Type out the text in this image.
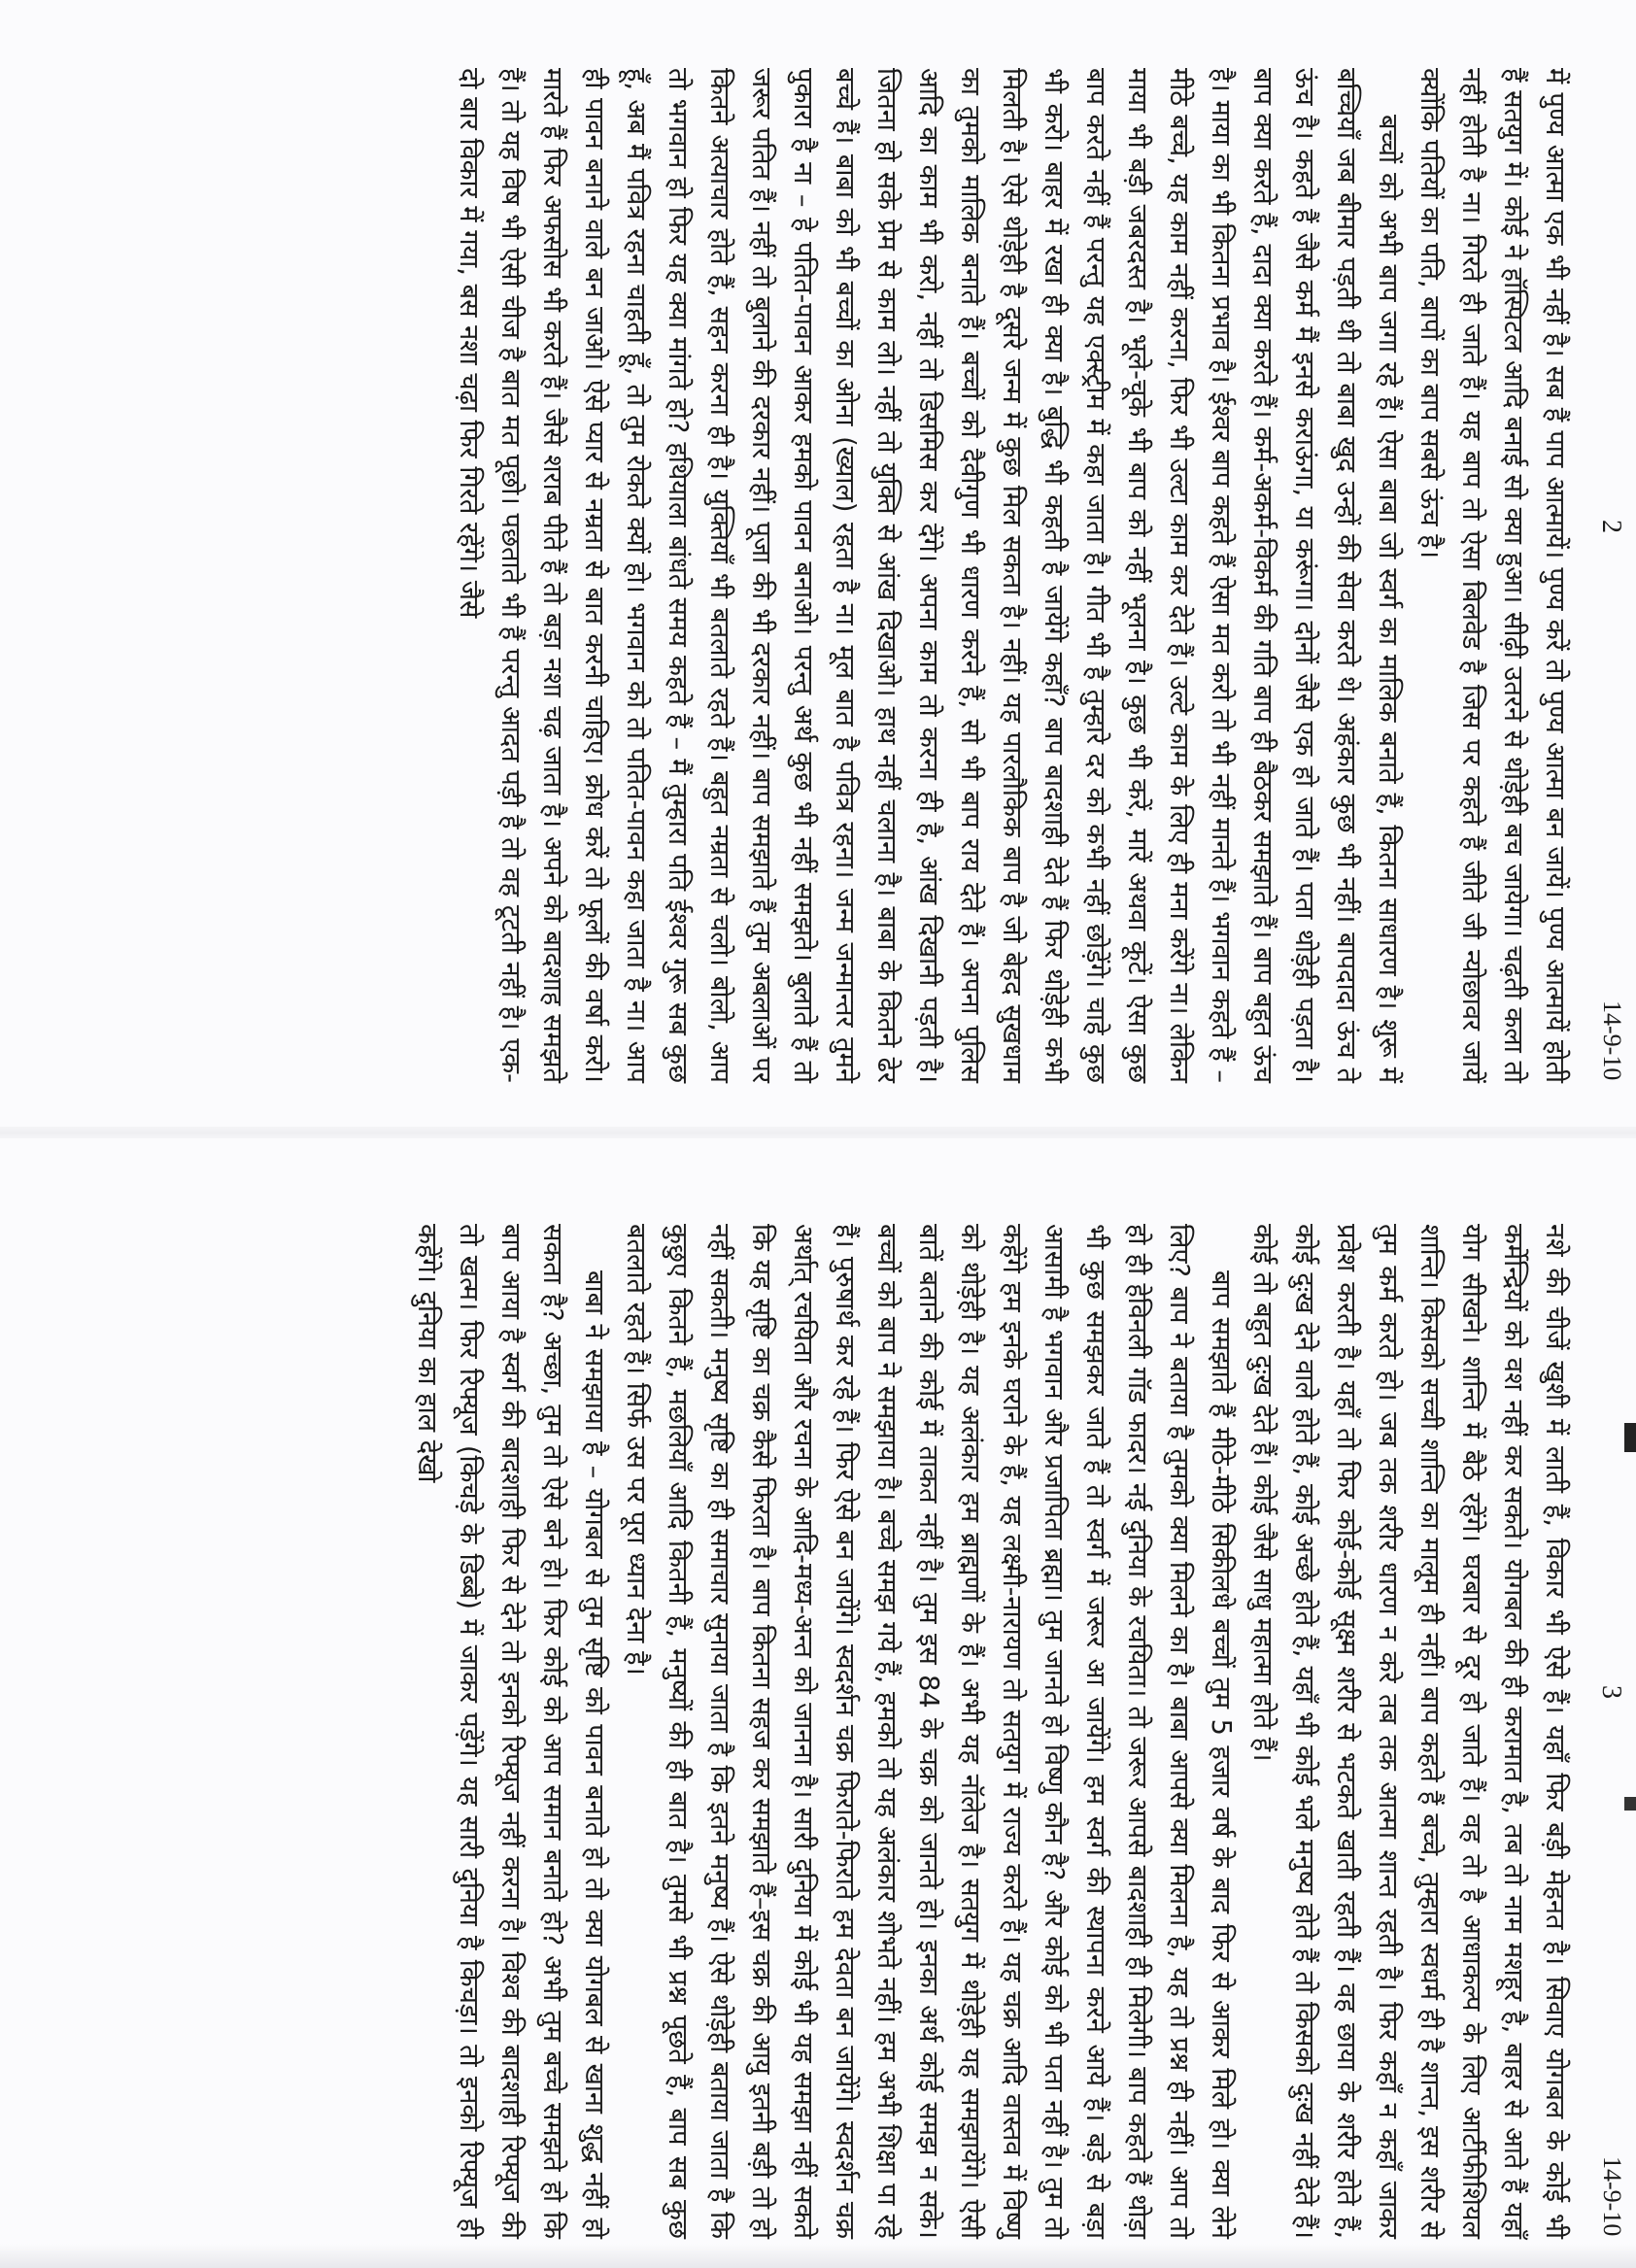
2
14-9-10

में पुण्य आत्मा एक भी नहीं है। सब हैं पाप आत्मायें। पुण्य करें तो पुण्य आत्मा बन जायें। पुण्य आत्मायें होती हैं सतयुग में। कोई ने हॉस्पिटल आदि बनाई सो क्या हुआ। सीढ़ी उतरने से थोड़ेही बच जायेगा। चढ़ती कला तो नहीं होती है ना। गिरते ही जाते हैं। यह बाप तो ऐसा बिलवेड है जिस पर कहते हैं जीते जी न्योछावर जायें क्योंकि पतियों का पति, बापों का बाप सबसे ऊंच है।

बच्चों को अभी बाप जगा रहे हैं। ऐसा बाबा जो स्वर्ग का मालिक बनाते हैं, कितना साधारण है। शुरू में बच्चियाँ जब बीमार पड़ती थी तो बाबा खुद उन्हों की सेवा करते थे। अहंकार कुछ भी नहीं। बापदादा ऊंच ते ऊंच है। कहते हैं जैसे कर्म मैं इनसे कराऊंगा, या करूंगा। दोनों जैसे एक हो जाते हैं। पता थोड़ेही पड़ता है। बाप क्या करते हैं, दादा क्या करते हैं। कर्म-अकर्म-विकर्म की गति बाप ही बैठकर समझाते हैं। बाप बहुत ऊंच है। माया का भी कितना प्रभाव है। ईश्वर बाप कहते हैं ऐसा मत करो तो भी नहीं मानते हैं। भगवान कहते हैं – मीठे बच्चे, यह काम नहीं करना, फिर भी उल्टा काम कर देते हैं। उल्टे काम के लिए ही मना करेंगे ना। लेकिन माया भी बड़ी जबरदस्त है। भूले-चूके भी बाप को नहीं भूलना है। कुछ भी करें, मारें अथवा कूटें। ऐसा कुछ बाप करते नहीं हैं परन्तु यह एक्स्ट्रीम में कहा जाता है। गीत भी है तुम्हारे दर को कभी नहीं छोड़ेंगे। चाहे कुछ भी करो। बाहर में रखा ही क्या है। बुद्धि भी कहती है जायेंगे कहाँ? बाप बादशाही देते हैं फिर थोड़ेही कभी मिलती है। ऐसे थोड़ेही है दूसरे जन्म में कुछ मिल सकता है। नहीं। यह पारलौकिक बाप है जो बेहद सुखधाम का तुमको मालिक बनाते हैं। बच्चों को दैवीगुण भी धारण करने हैं, सो भी बाप राय देते हैं। अपना पुलिस आदि का काम भी करो, नहीं तो डिसमिस कर देंगे। अपना काम तो करना ही है, आंख दिखानी पड़ती है। जितना हो सके प्रेम से काम लो। नहीं तो युक्ति से आंख दिखाओ। हाथ नहीं चलाना है। बाबा के कितने ढेर बच्चे हैं। बाबा को भी बच्चों का ओना (ख्याल) रहता है ना। मूल बात है पवित्र रहना। जन्म जन्मान्तर तुमने पुकारा है ना – हे पतित-पावन आकर हमको पावन बनाओ। परन्तु अर्थ कुछ भी नहीं समझते। बुलाते हैं तो जरूर पतित हैं। नहीं तो बुलाने की दरकार नहीं। पूजा की भी दरकार नहीं। बाप समझाते हैं तुम अबलाओं पर कितने अत्याचार होते हैं, सहन करना ही है। युक्तियाँ भी बतलाते रहते हैं। बहुत नम्रता से चलो। बोलो, आप तो भगवान हो फिर यह क्या मांगते हो? हथियाला बांधते समय कहते हैं – मैं तुम्हारा पति ईश्वर गुरू सब कुछ हूँ, अब मैं पवित्र रहना चाहती हूँ, तो तुम रोकते क्यों हो। भगवान को तो पतित-पावन कहा जाता है ना। आप ही पावन बनाने वाले बन जाओ। ऐसे प्यार से नम्रता से बात करनी चाहिए। क्रोध करें तो फूलों की वर्षा करो। मारते हैं फिर अफसोस भी करते हैं। जैसे शराब पीते हैं तो बड़ा नशा चढ़ जाता है। अपने को बादशाह समझते हैं। तो यह विष भी ऐसी चीज है बात मत पूछो। पछताते भी हैं परन्तु आदत पड़ी है तो वह टूटती नहीं है। एक-दो बार विकार में गया, बस नशा चढ़ा फिर गिरते रहेंगे। जैसे

3
14-9-10

नशे की चीजें खुशी में लाती हैं, विकार भी ऐसे हैं। यहाँ फिर बड़ी मेहनत है। सिवाए योगबल के कोई भी कर्मेन्द्रियों को वश नहीं कर सकते। योगबल की ही करामात है, तब तो नाम मशहूर है, बाहर से आते हैं यहाँ योग सीखने। शान्ति में बैठे रहेंगे। घरबार से दूर हो जाते हैं। वह तो है आधाकल्प के लिए आर्टीफीशियल शान्ति। किसको सच्ची शान्ति का मालूम ही नहीं। बाप कहते हैं बच्चे, तुम्हारा स्वधर्म ही है शान्त, इस शरीर से तुम कर्म करते हो। जब तक शरीर धारण न करे तब तक आत्मा शान्त रहती है। फिर कहाँ न कहाँ जाकर प्रवेश करती है। यहाँ तो फिर कोई-कोई सूक्ष्म शरीर से भटकते खाती रहती हैं। वह छाया के शरीर होते हैं, कोई दुःख देने वाले होते हैं, कोई अच्छे होते हैं, यहाँ भी कोई भले मनुष्य होते हैं तो किसको दुःख नहीं देते हैं। कोई तो बहुत दुःख देते हैं। कोई जैसे साधु महात्मा होते हैं।

बाप समझाते हैं मीठे-मीठे सिकीलधे बच्चों तुम 5 हजार वर्ष के बाद फिर से आकर मिले हो। क्या लेने लिए? बाप ने बताया है तुमको क्या मिलने का है। बाबा आपसे क्या मिलना है, यह तो प्रश्न ही नहीं। आप तो हो ही हेविनली गॉड फादर। नई दुनिया के रचयिता। तो जरूर आपसे बादशाही ही मिलेगी। बाप कहते हैं थोड़ा भी कुछ समझकर जाते हैं तो स्वर्ग में जरूर आ जायेंगे। हम स्वर्ग की स्थापना करने आये हैं। बड़े से बड़ा आसामी है भगवान और प्रजापिता ब्रह्मा। तुम जानते हो विष्णु कौन है? और कोई को भी पता नहीं है। तुम तो कहेंगे हम इनके घराने के हैं, यह लक्ष्मी-नारायण तो सतयुग में राज्य करते हैं। यह चक्र आदि वास्तव में विष्णु को थोड़ेही है। यह अलंकार हम ब्राह्मणों के हैं। अभी यह नॉलेज है। सतयुग में थोड़ेही यह समझायेंगे। ऐसी बातें बताने की कोई में ताकत नहीं है। तुम इस 84 के चक्र को जानते हो। इनका अर्थ कोई समझ न सके। बच्चों को बाप ने समझाया है। बच्चे समझ गये हैं, हमको तो यह अलंकार शोभते नहीं। हम अभी शिक्षा पा रहे हैं। पुरुषार्थ कर रहे हैं। फिर ऐसे बन जायेंगे। स्वदर्शन चक्र फिराते-फिराते हम देवता बन जायेंगे। स्वदर्शन चक्र अर्थात् रचयिता और रचना के आदि-मध्य-अन्त को जानना है। सारी दुनिया में कोई भी यह समझा नहीं सकते कि यह सृष्टि का चक्र कैसे फिरता है। बाप कितना सहज कर समझाते हैं–इस चक्र की आयु इतनी बड़ी तो हो नहीं सकती। मनुष्य सृष्टि का ही समाचार सुनाया जाता है कि इतने मनुष्य हैं। ऐसे थोड़ेही बताया जाता है कि कुछुए कितने हैं, मछलियाँ आदि कितनी हैं, मनुष्यों की ही बात है। तुमसे भी प्रश्न पूछते हैं, बाप सब कुछ बतलाते रहते हैं। सिर्फ उस पर पूरा ध्यान देना है।

बाबा ने समझाया है – योगबल से तुम सृष्टि को पावन बनाते हो तो क्या योगबल से खाना शुद्ध नहीं हो सकता है? अच्छा, तुम तो ऐसे बने हो। फिर कोई को आप समान बनाते हो? अभी तुम बच्चे समझते हो कि बाप आया है स्वर्ग की बादशाही फिर से देने तो इनको रिफ्यूज नहीं करना है। विश्व की बादशाही रिफ्यूज की तो खत्म। फिर रिफ्यूज (किचड़े के डिब्बे) में जाकर पड़ेंगे। यह सारी दुनिया है किचड़ा। तो इनको रिफ्यूज ही कहेंगे। दुनिया का हाल देखो
